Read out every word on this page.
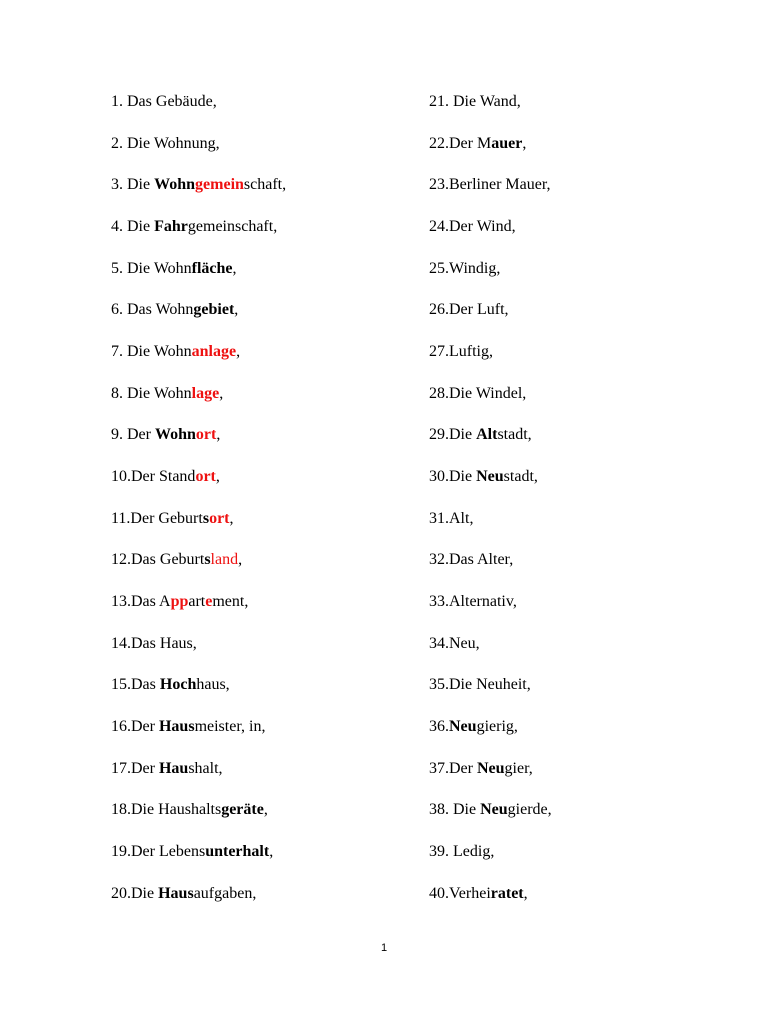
1. Das Gebäude,
2. Die Wohnung,
3. Die Wohngemeinschaft,
4. Die Fahrgemeinschaft,
5. Die Wohnfläche,
6. Das Wohngebiet,
7. Die Wohnanlage,
8. Die Wohnlage,
9. Der Wohnort,
10.Der Standort,
11.Der Geburtsort,
12.Das Geburtsland,
13.Das Appartement,
14.Das Haus,
15.Das Hochhaus,
16.Der Hausmeister, in,
17.Der Haushalt,
18.Die Haushaltsgeräte,
19.Der Lebensunterhalt,
20.Die Hausaufgaben,
21. Die Wand,
22.Der Mauer,
23.Berliner Mauer,
24.Der Wind,
25.Windig,
26.Der Luft,
27.Luftig,
28.Die Windel,
29.Die Altstadt,
30.Die Neustadt,
31.Alt,
32.Das Alter,
33.Alternativ,
34.Neu,
35.Die Neuheit,
36.Neugierig,
37.Der Neugier,
38. Die Neugierde,
39. Ledig,
40.Verheiratet,
1
